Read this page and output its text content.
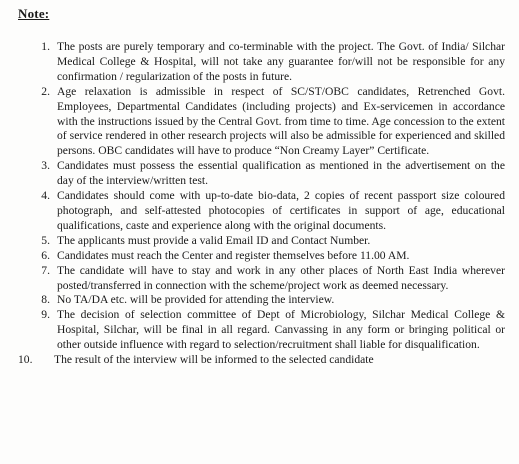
Note:
1. The posts are purely temporary and co-terminable with the project. The Govt. of India/ Silchar Medical College & Hospital, will not take any guarantee for/will not be responsible for any confirmation / regularization of the posts in future.
2. Age relaxation is admissible in respect of SC/ST/OBC candidates, Retrenched Govt. Employees, Departmental Candidates (including projects) and Ex-servicemen in accordance with the instructions issued by the Central Govt. from time to time. Age concession to the extent of service rendered in other research projects will also be admissible for experienced and skilled persons. OBC candidates will have to produce “Non Creamy Layer” Certificate.
3. Candidates must possess the essential qualification as mentioned in the advertisement on the day of the interview/written test.
4. Candidates should come with up-to-date bio-data, 2 copies of recent passport size coloured photograph, and self-attested photocopies of certificates in support of age, educational qualifications, caste and experience along with the original documents.
5. The applicants must provide a valid Email ID and Contact Number.
6. Candidates must reach the Center and register themselves before 11.00 AM.
7. The candidate will have to stay and work in any other places of North East India wherever posted/transferred in connection with the scheme/project work as deemed necessary.
8. No TA/DA etc. will be provided for attending the interview.
9. The decision of selection committee of Dept of Microbiology, Silchar Medical College & Hospital, Silchar, will be final in all regard. Canvassing in any form or bringing political or other outside influence with regard to selection/recruitment shall liable for disqualification.
10. The result of the interview will be informed to the selected candidate
